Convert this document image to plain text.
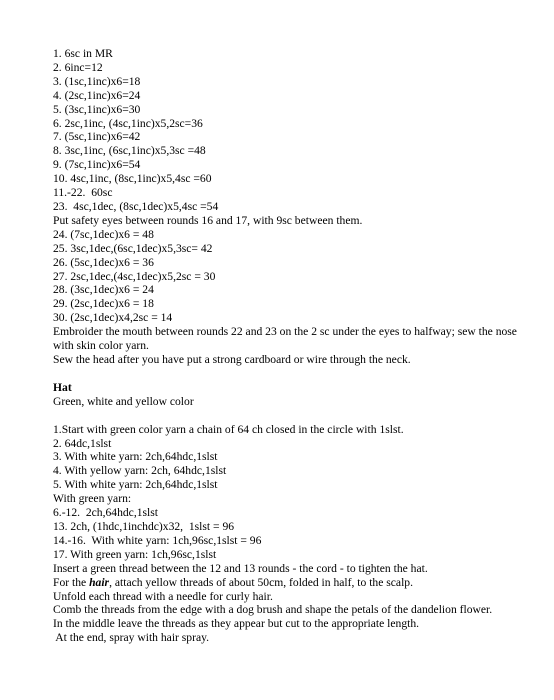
1. 6sc in MR
2. 6inc=12
3. (1sc,1inc)x6=18
4. (2sc,1inc)x6=24
5. (3sc,1inc)x6=30
6. 2sc,1inc, (4sc,1inc)x5,2sc=36
7. (5sc,1inc)x6=42
8. 3sc,1inc, (6sc,1inc)x5,3sc =48
9. (7sc,1inc)x6=54
10. 4sc,1inc, (8sc,1inc)x5,4sc =60
11.-22.  60sc
23.  4sc,1dec, (8sc,1dec)x5,4sc =54
Put safety eyes between rounds 16 and 17, with 9sc between them.
24. (7sc,1dec)x6 = 48
25. 3sc,1dec,(6sc,1dec)x5,3sc= 42
26. (5sc,1dec)x6 = 36
27. 2sc,1dec,(4sc,1dec)x5,2sc = 30
28. (3sc,1dec)x6 = 24
29. (2sc,1dec)x6 = 18
30. (2sc,1dec)x4,2sc = 14
Embroider the mouth between rounds 22 and 23 on the 2 sc under the eyes to halfway; sew the nose with skin color yarn.
Sew the head after you have put a strong cardboard or wire through the neck.
Hat
Green, white and yellow color
1.Start with green color yarn a chain of 64 ch closed in the circle with 1slst.
2. 64dc,1slst
3. With white yarn: 2ch,64hdc,1slst
4. With yellow yarn: 2ch, 64hdc,1slst
5. With white yarn: 2ch,64hdc,1slst
With green yarn:
6.-12.  2ch,64hdc,1slst
13. 2ch, (1hdc,1inchdc)x32,  1slst = 96
14.-16.  With white yarn: 1ch,96sc,1slst = 96
17. With green yarn: 1ch,96sc,1slst
Insert a green thread between the 12 and 13 rounds - the cord - to tighten the hat.
For the hair, attach yellow threads of about 50cm, folded in half, to the scalp.
Unfold each thread with a needle for curly hair.
Comb the threads from the edge with a dog brush and shape the petals of the dandelion flower.
In the middle leave the threads as they appear but cut to the appropriate length.
At the end, spray with hair spray.
